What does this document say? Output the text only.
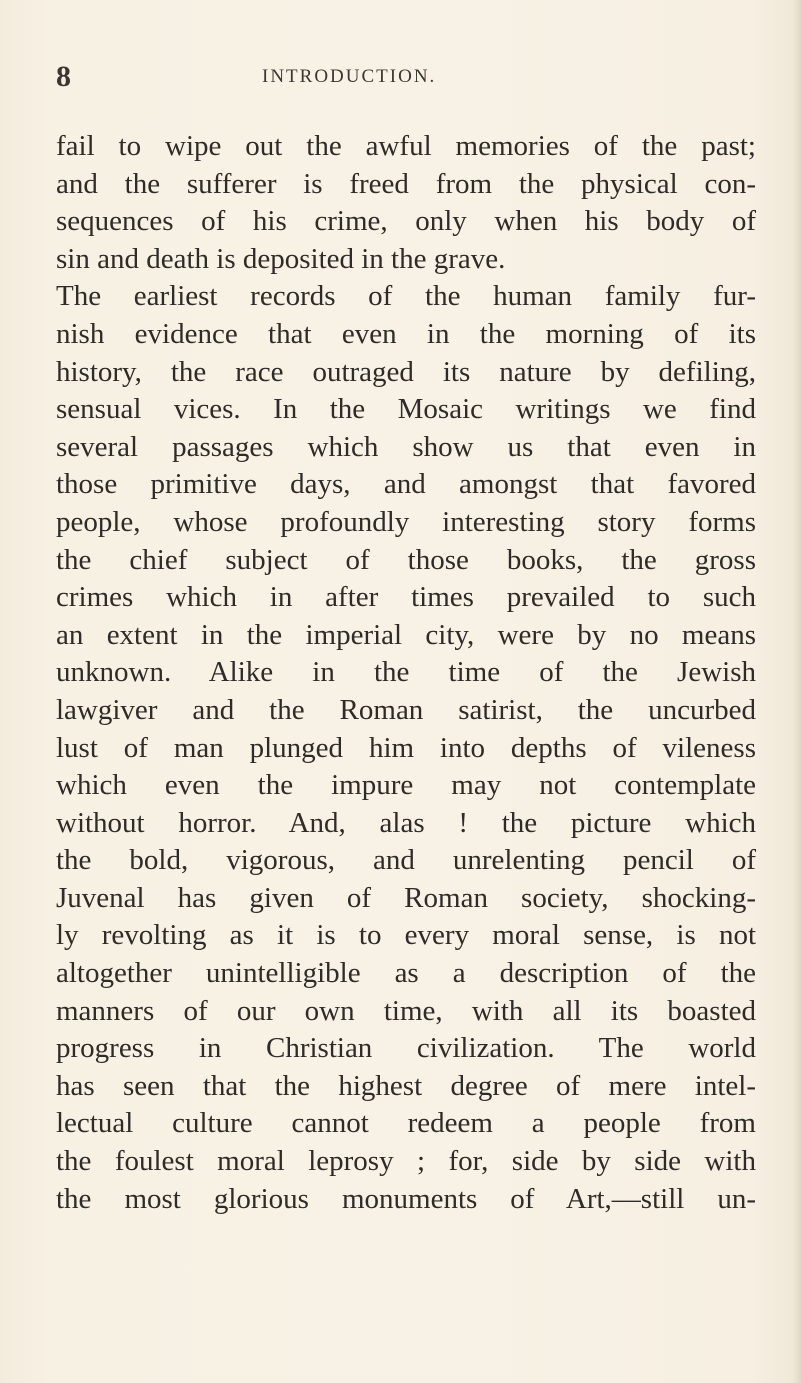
8	INTRODUCTION.
fail to wipe out the awful memories of the past;
and the sufferer is freed from the physical con-
sequences of his crime, only when his body of
sin and death is deposited in the grave.
The earliest records of the human family fur-
nish evidence that even in the morning of its
history, the race outraged its nature by defiling,
sensual vices. In the Mosaic writings we find
several passages which show us that even in
those primitive days, and amongst that favored
people, whose profoundly interesting story forms
the chief subject of those books, the gross
crimes which in after times prevailed to such
an extent in the imperial city, were by no means
unknown. Alike in the time of the Jewish
lawgiver and the Roman satirist, the uncurbed
lust of man plunged him into depths of vileness
which even the impure may not contemplate
without horror. And, alas ! the picture which
the bold, vigorous, and unrelenting pencil of
Juvenal has given of Roman society, shocking-
ly revolting as it is to every moral sense, is not
altogether unintelligible as a description of the
manners of our own time, with all its boasted
progress in Christian civilization. The world
has seen that the highest degree of mere intel-
lectual culture cannot redeem a people from
the foulest moral leprosy ; for, side by side with
the most glorious monuments of Art,—still un-
